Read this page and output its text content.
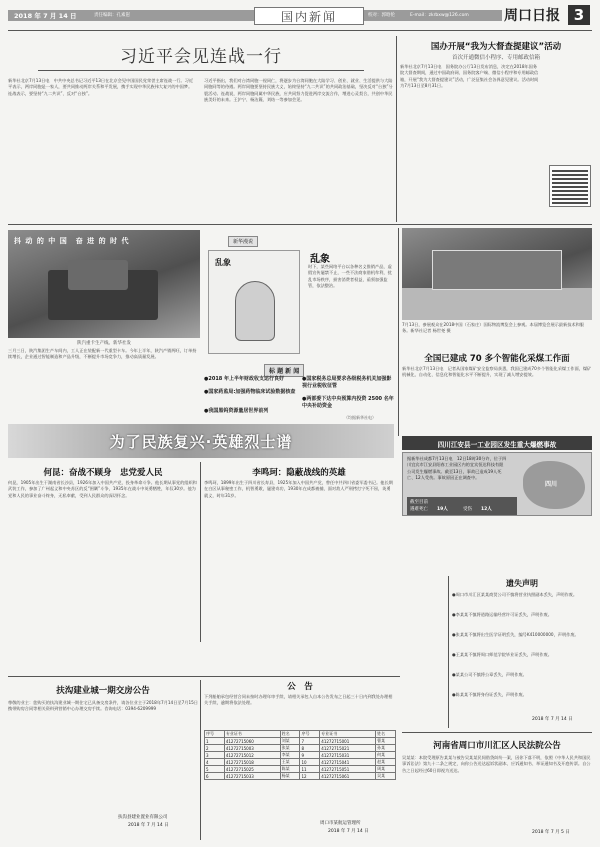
2018 年 7 月 14 日	责任编辑：孔素崽	国内新闻	校对：郭晗伦	E-mail：zkrbxw@126.com	周口日报 3
习近平会见连战一行
新华社北京7月13日电　中共中央总书记习近平13日在北京会见中国国民党荣誉主席连战一行。习近平表示，两岸同胞是一家人，要共同推动两岸关系和平发展，携手实现中华民族伟大复兴的中国梦。连战表示，要坚持“九二共识”、反对“台独”。
习近平指出，我们对台湾同胞一视同仁，将逐步为台湾同胞在大陆学习、创业、就业、生活提供与大陆同胞同等的待遇。两岸同胞要坚持民族大义，始终坚持“九二共识”的共同政治基础，坚决反对“台独”分裂活动。连战说，两岸同胞同属中华民族，应共同努力促进两岸交流合作，增进心灵契合，共创中华民族美好的未来。王沪宁、杨洁篪、刘结一等参加会见。
国办开展“我为大督查提建议”活动
首次开通微信小程序、专用邮政信箱
新华社北京7月13日电　国务院办公厅13日发布消息，决定在2018年国务院大督查期间，通过中国政府网、国务院客户端、微信小程序和专用邮政信箱，开展“我为大督查提建议”活动，广泛征集社会各界意见建议。活动时间为7月13日至8月31日。
抖 动 的 中 国　奋 进 的 时 代
陕汽重卡生产线。新华社发
三月三日，陕汽集团生产车间内，工人正在装配新一代重型卡车。今年上半年，陕汽产销两旺，订单持续增长，企业通过智能制造和产品升级，不断提升市场竞争力，推动高质量发展。
新华漫说
乱象	乱象
时下，某些网络平台以各种名义推销产品，虚假宣传屡禁不止，一些不法商家借机牟利，扰乱市场秩序，损害消费者权益，亟须加强监管，依法整治。
标 题 新 闻
●2018 年上半年财政收支运行良好
●国家药监局:加强药物临床试验数据核查
●我国黑钨资源量居世界前列
●国家税务总局要求各级税务机关加强影视行业税收征管
●两部委下达中央预算内投资 2500 名年中央补助资金
（均据新华社电）
7月13日，参展观众在2018中国（石家庄）国际物流博览会上参观。本届博览会展示最新技术和服务。新华社记者 杨世尧 摄
全国已建成 70 多个智能化采煤工作面
新华社北京7月13日电　记者从国家煤矿安全监察局获悉，我国已建成70多个智能化采煤工作面，煤矿机械化、自动化、信息化和智能化水平不断提升，实现了减人增安提效。
为了民族复兴·英雄烈士谱
何昆：奋战不顾身　忠党爱人民
何昆，1905年出生于湖南省长沙县，1926年加入中国共产党，投身革命斗争。他长期从事党的组织和武装工作，参加了广州起义和中央苏区的反“围剿”斗争，1935年在战斗中英勇牺牲，年仅30岁。他为党和人民的事业奋斗终身，无私奉献，受到人民群众的深切怀念。
李鸣珂：隐蔽战线的英雄
李鸣珂，1899年出生于四川省长寿县，1925年加入中国共产党，曾任中共四川省委军委书记。他长期在白区从事秘密工作，机智勇敢，屡建奇功，1930年在成都被捕，面对敌人严刑拷打宁死不屈，英勇就义，时年31岁。
四川江安县一工业园区发生重大爆燃事故
据新华社成都7月13日电　12日18时30分许，位于四川宜宾市江安县阳春工业园区内的宜宾恒达科技有限公司发生爆燃事故。截至13日，事故已造成19人死亡、12人受伤。事故原因正在调查中。
四川
截至目前
遇难死亡 19人	受伤 12人
遗失声明
●周口市川汇区某某商贸公司不慎将营业执照副本丢失，声明作废。
●李某某不慎将道路运输经营许可证丢失，声明作废。
●张某某不慎将出生医学证明丢失，编号K410000000，声明作废。
●王某某不慎将周口师范学院毕业证丢失，声明作废。
●某某公司不慎将公章丢失，声明作废。
●陈某某不慎将身份证丢失，声明作废。
2018 年 7 月 14 日
河南省周口市川汇区人民法院公告
吴某某：本院受理原告某某与被告吴某某民间借贷纠纷一案，因你下落不明，依照《中华人民共和国民事诉讼法》第九十二条之规定，向你公告送达起诉状副本、应诉通知书、举证通知书及开庭传票。自公告之日起经过60日即视为送达。
2018 年 7 月 5 日
扶沟建业城一期交房公告
尊敬的业主：您购买的扶沟建业城一期住宅已具备交房条件，请各位业主于2018年7月14日至7月15日携带购房合同等相关资料到营销中心办理交房手续。咨询电话：0394-6209999
扶沟县建业置业有限公司
2018 年 7 月 14 日
公　告
下列船舶承包经营合同未按时办理年审手续，请相关承包人自本公告发布之日起三十日内到我处办理相关手续，逾期将依法处理。
序号	专业证书	姓名	序号	专业证书	姓名
1	41272715060	刘某	7	41272715001	曹某
2	41272715003	张某	8	41272715021	孙某
3	41272715012	李某	9	41272715031	何某
4	41272715018	王某	10	41272715041	赵某
5	41272715025	陈某	11	41272715051	周某
6	41272715033	杨某	12	41272715061	吴某
周口市某航运管理所
2018 年 7 月 14 日
